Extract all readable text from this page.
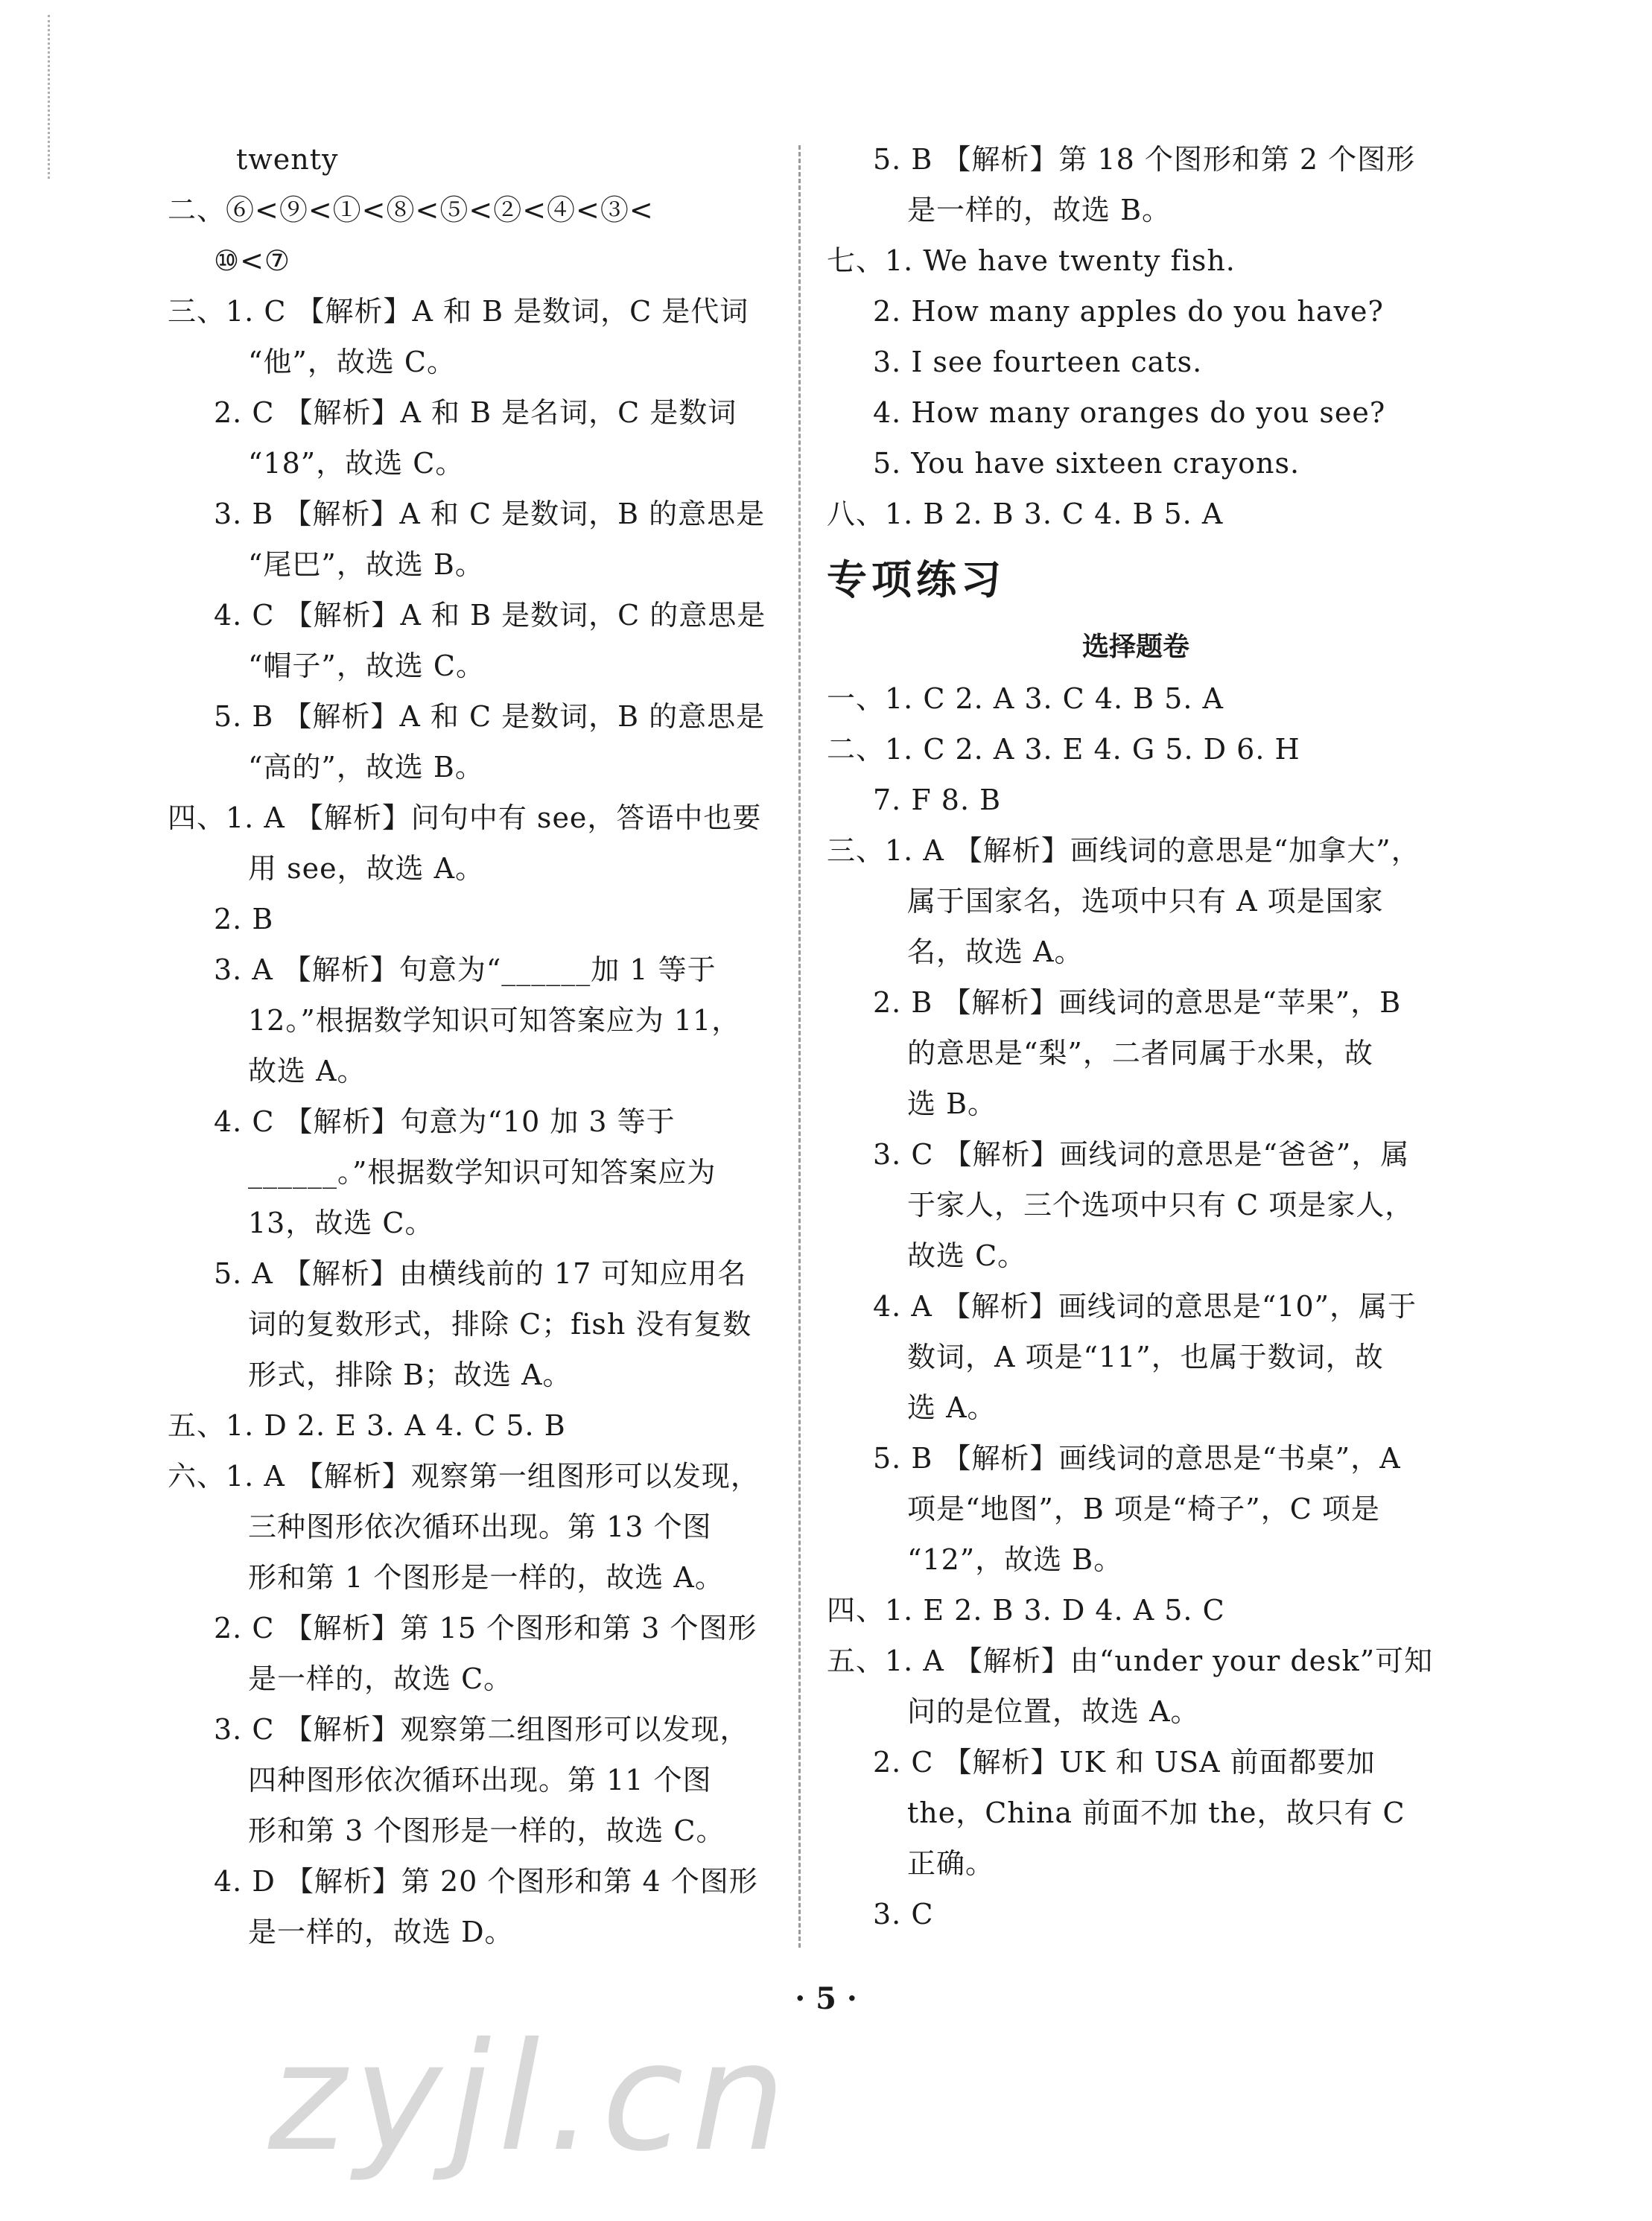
twenty
二、⑥<⑨<①<⑧<⑤<②<④<③<
⑩<⑦
三、1. C 【解析】A 和 B 是数词，C 是代词
“他”，故选 C。
2. C 【解析】A 和 B 是名词，C 是数词
“18”，故选 C。
3. B 【解析】A 和 C 是数词，B 的意思是
“尾巴”，故选 B。
4. C 【解析】A 和 B 是数词，C 的意思是
“帽子”，故选 C。
5. B 【解析】A 和 C 是数词，B 的意思是
“高的”，故选 B。
四、1. A 【解析】问句中有 see，答语中也要
用 see，故选 A。
2. B
3. A 【解析】句意为“______加 1 等于
12。”根据数学知识可知答案应为 11，
故选 A。
4. C 【解析】句意为“10 加 3 等于
______。”根据数学知识可知答案应为
13，故选 C。
5. A 【解析】由横线前的 17 可知应用名
词的复数形式，排除 C；fish 没有复数
形式，排除 B；故选 A。
五、1. D 2. E 3. A 4. C 5. B
六、1. A 【解析】观察第一组图形可以发现，
三种图形依次循环出现。第 13 个图
形和第 1 个图形是一样的，故选 A。
2. C 【解析】第 15 个图形和第 3 个图形
是一样的，故选 C。
3. C 【解析】观察第二组图形可以发现，
四种图形依次循环出现。第 11 个图
形和第 3 个图形是一样的，故选 C。
4. D 【解析】第 20 个图形和第 4 个图形
是一样的，故选 D。
5. B 【解析】第 18 个图形和第 2 个图形
是一样的，故选 B。
七、1. We have twenty fish.
2. How many apples do you have?
3. I see fourteen cats.
4. How many oranges do you see?
5. You have sixteen crayons.
八、1. B 2. B 3. C 4. B 5. A
专项练习
选择题卷
一、1. C 2. A 3. C 4. B 5. A
二、1. C 2. A 3. E 4. G 5. D 6. H
7. F 8. B
三、1. A 【解析】画线词的意思是“加拿大”，
属于国家名，选项中只有 A 项是国家
名，故选 A。
2. B 【解析】画线词的意思是“苹果”，B
的意思是“梨”，二者同属于水果，故
选 B。
3. C 【解析】画线词的意思是“爸爸”，属
于家人，三个选项中只有 C 项是家人，
故选 C。
4. A 【解析】画线词的意思是“10”，属于
数词，A 项是“11”，也属于数词，故
选 A。
5. B 【解析】画线词的意思是“书桌”，A
项是“地图”，B 项是“椅子”，C 项是
“12”，故选 B。
四、1. E 2. B 3. D 4. A 5. C
五、1. A 【解析】由“under your desk”可知
问的是位置，故选 A。
2. C 【解析】UK 和 USA 前面都要加
the，China 前面不加 the，故只有 C
正确。
3. C
· 5 ·
zyjl.cn
